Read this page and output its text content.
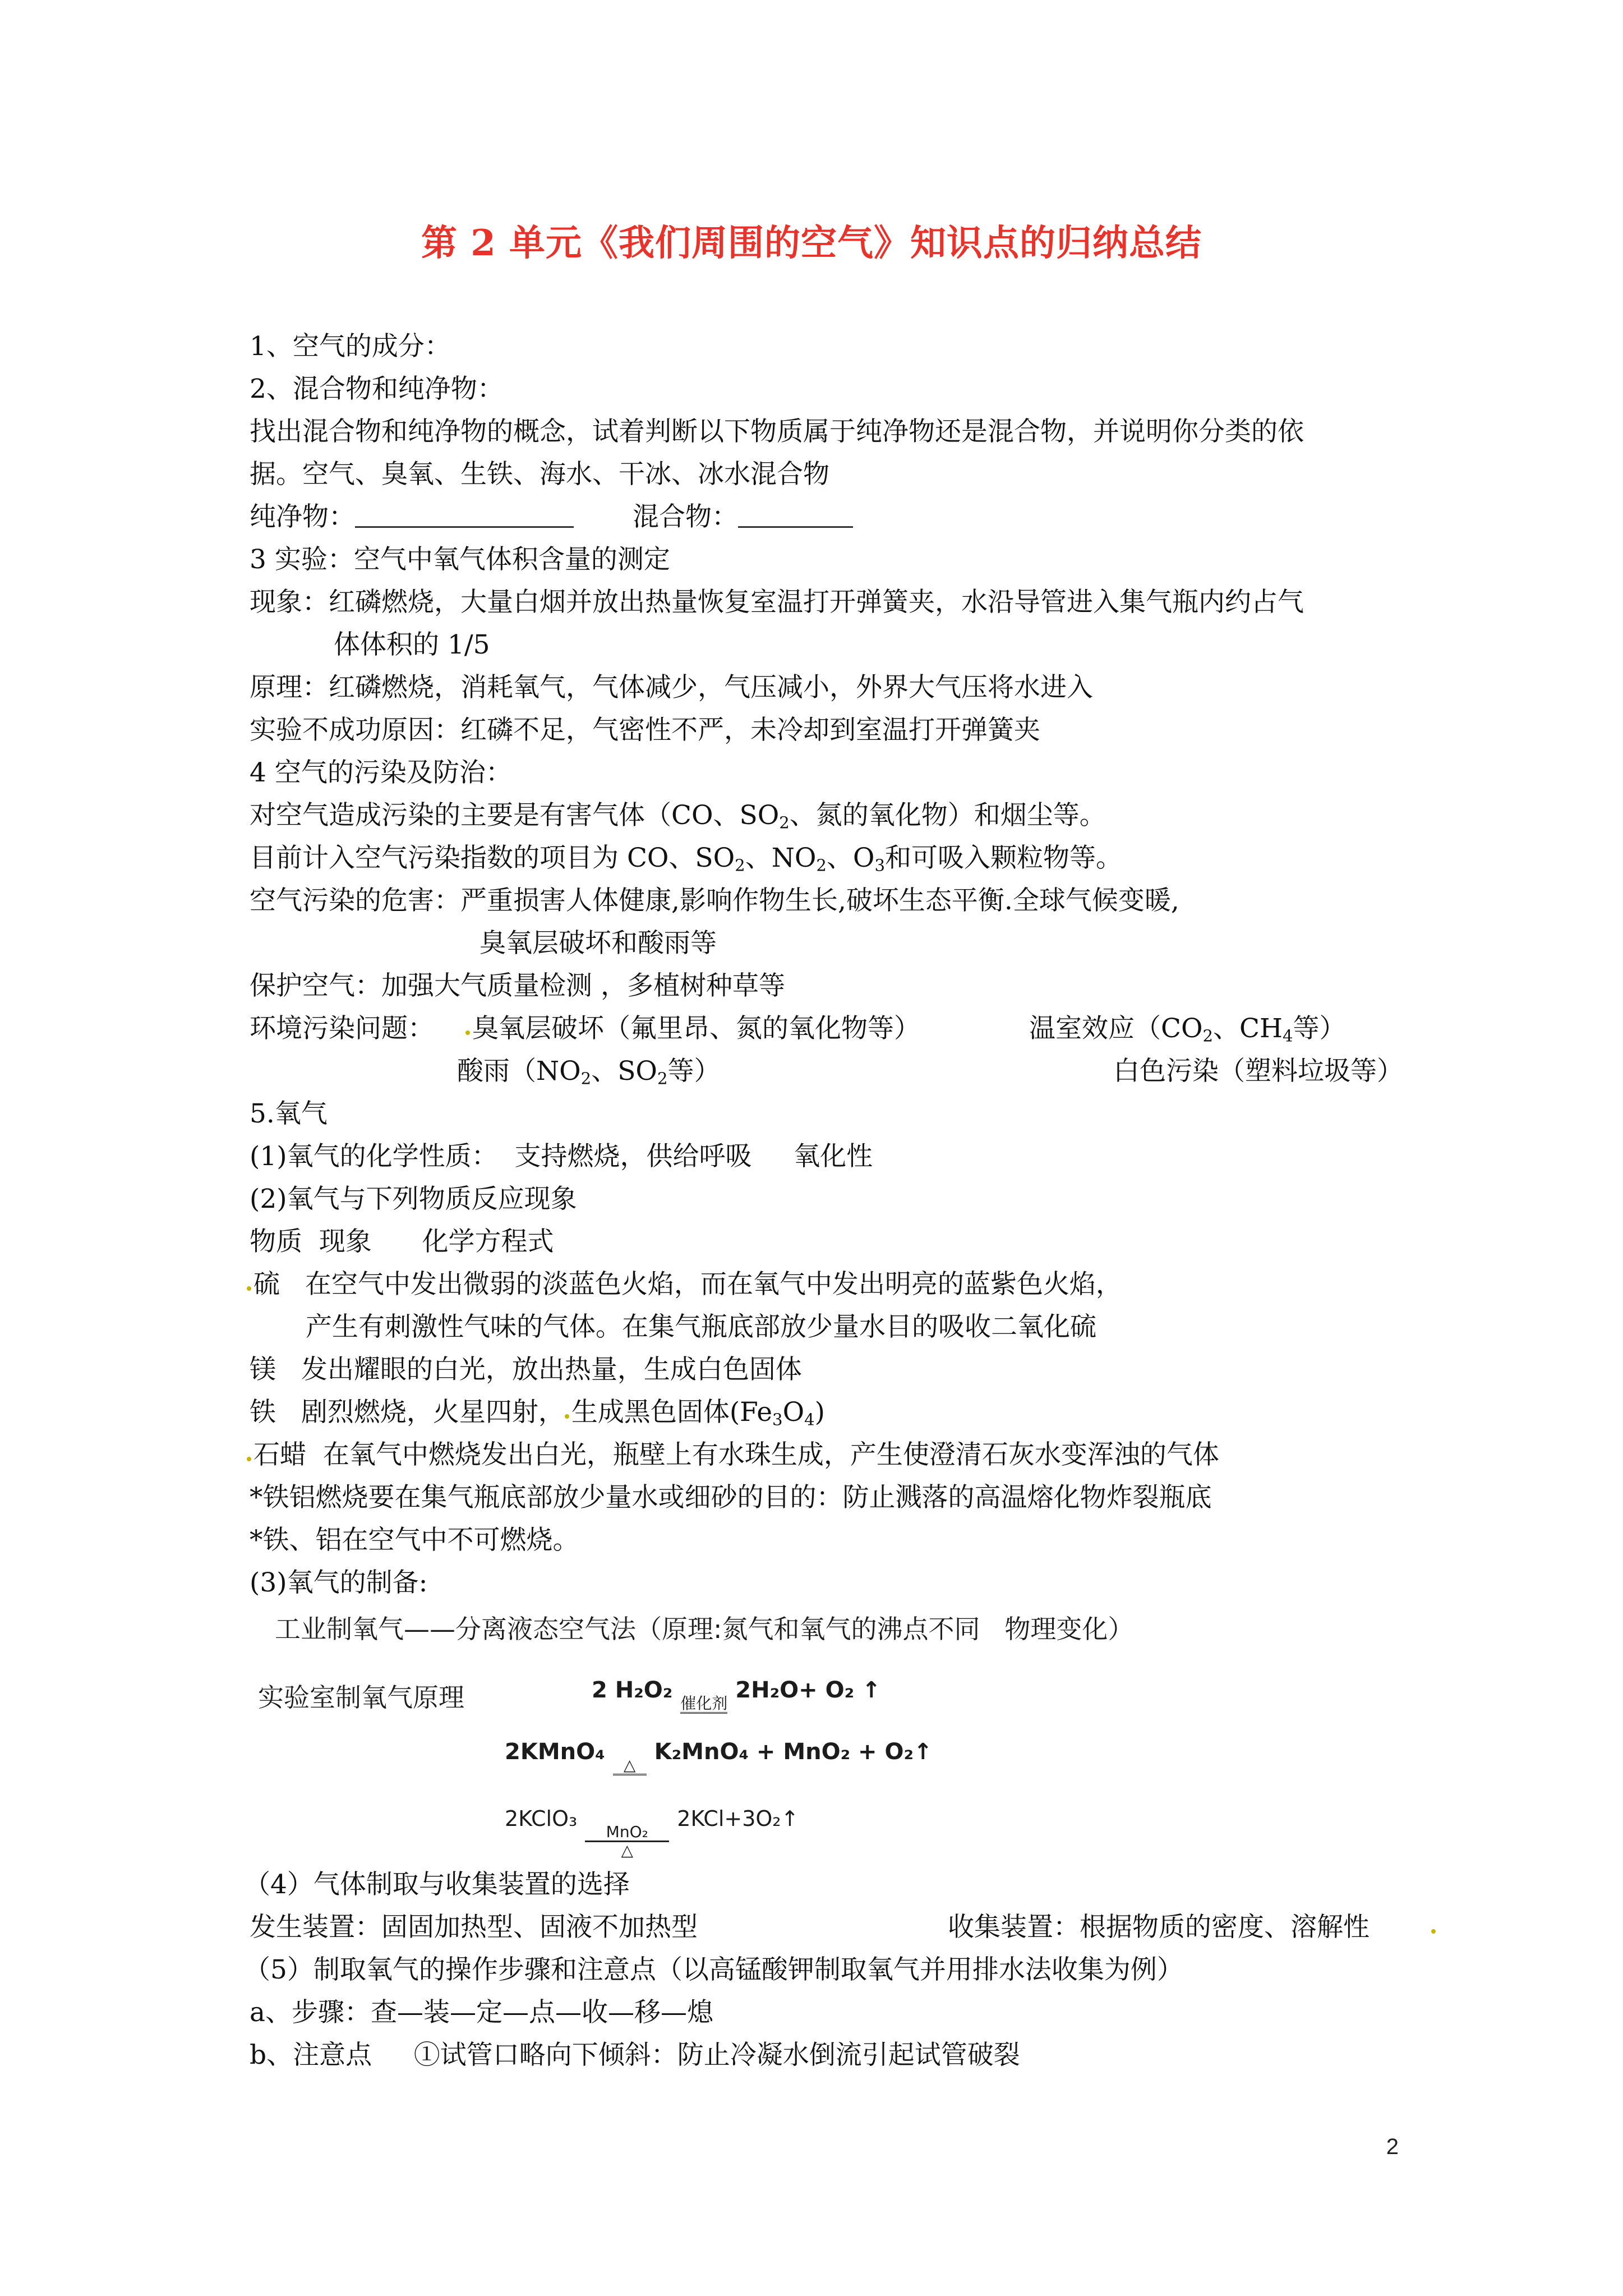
第 2 单元《我们周围的空气》知识点的归纳总结
1、空气的成分：
2、混合物和纯净物：
找出混合物和纯净物的概念，试着判断以下物质属于纯净物还是混合物，并说明你分类的依
据。空气、臭氧、生铁、海水、干冰、冰水混合物
纯净物：	混合物：
3 实验：空气中氧气体积含量的测定
现象：红磷燃烧，大量白烟并放出热量恢复室温打开弹簧夹，水沿导管进入集气瓶内约占气
体体积的 1/5
原理：红磷燃烧，消耗氧气，气体减少，气压减小，外界大气压将水进入
实验不成功原因：红磷不足，气密性不严，未冷却到室温打开弹簧夹
4 空气的污染及防治：
对空气造成污染的主要是有害气体（CO、$SO_2$、氮的氧化物）和烟尘等。
目前计入空气污染指数的项目为 CO、$SO_2$、$NO_2$、$O_3$和可吸入颗粒物等。
空气污染的危害：严重损害人体健康,影响作物生长,破坏生态平衡.全球气候变暖,
臭氧层破坏和酸雨等
保护空气：加强大气质量检测 ，多植树种草等
环境污染问题： 臭氧层破坏（氟里昂、氮的氧化物等）	温室效应（$CO_2$、$CH_4$等）
酸雨（$NO_2$、$SO_2$等）	白色污染（塑料垃圾等）
5.氧气
(1)氧气的化学性质：  支持燃烧，供给呼吸     氧化性
(2)氧气与下列物质反应现象
物质  现象      化学方程式
硫   在空气中发出微弱的淡蓝色火焰，而在氧气中发出明亮的蓝紫色火焰，
产生有刺激性气味的气体。在集气瓶底部放少量水目的吸收二氧化硫
镁   发出耀眼的白光，放出热量，生成白色固体
铁   剧烈燃烧，火星四射， 生成黑色固体$(Fe_3O_4)$
石蜡  在氧气中燃烧发出白光，瓶壁上有水珠生成，产生使澄清石灰水变浑浊的气体
*铁铝燃烧要在集气瓶底部放少量水或细砂的目的：防止溅落的高温熔化物炸裂瓶底
*铁、铝在空气中不可燃烧。
(3)氧气的制备:
工业制氧气——分离液态空气法（原理:氮气和氧气的沸点不同   物理变化）
实验室制氧气原理	2 H₂O₂
催化剂

2H₂O+ O₂ ↑
2KMnO₄
△

K₂MnO₄ + MnO₂ + O₂↑
2KClO₃
MnO₂
△
2KCl+3O₂↑
（4）气体制取与收集装置的选择
发生装置：固固加热型、固液不加热型	收集装置：根据物质的密度、溶解性
（5）制取氧气的操作步骤和注意点（以高锰酸钾制取氧气并用排水法收集为例）
a、步骤：查—装—定—点—收—移—熄
b、注意点     ①试管口略向下倾斜：防止冷凝水倒流引起试管破裂
2
